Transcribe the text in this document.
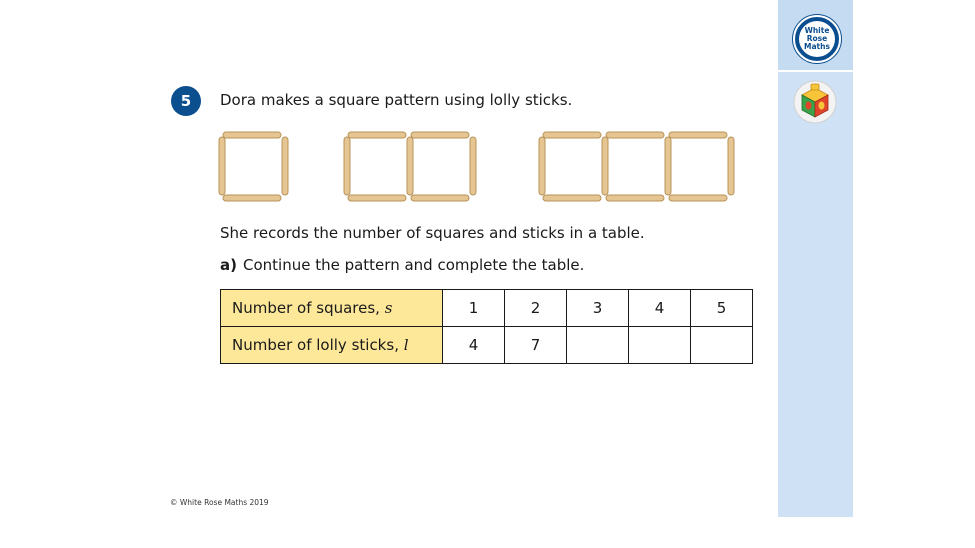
White
Rose
Maths
5	Dora makes a square pattern using lolly sticks.
She records the number of squares and sticks in a table.
a) Continue the pattern and complete the table.
Number of squares, s	1	2	3	4	5
Number of lolly sticks, l	4	7			
© White Rose Maths 2019
